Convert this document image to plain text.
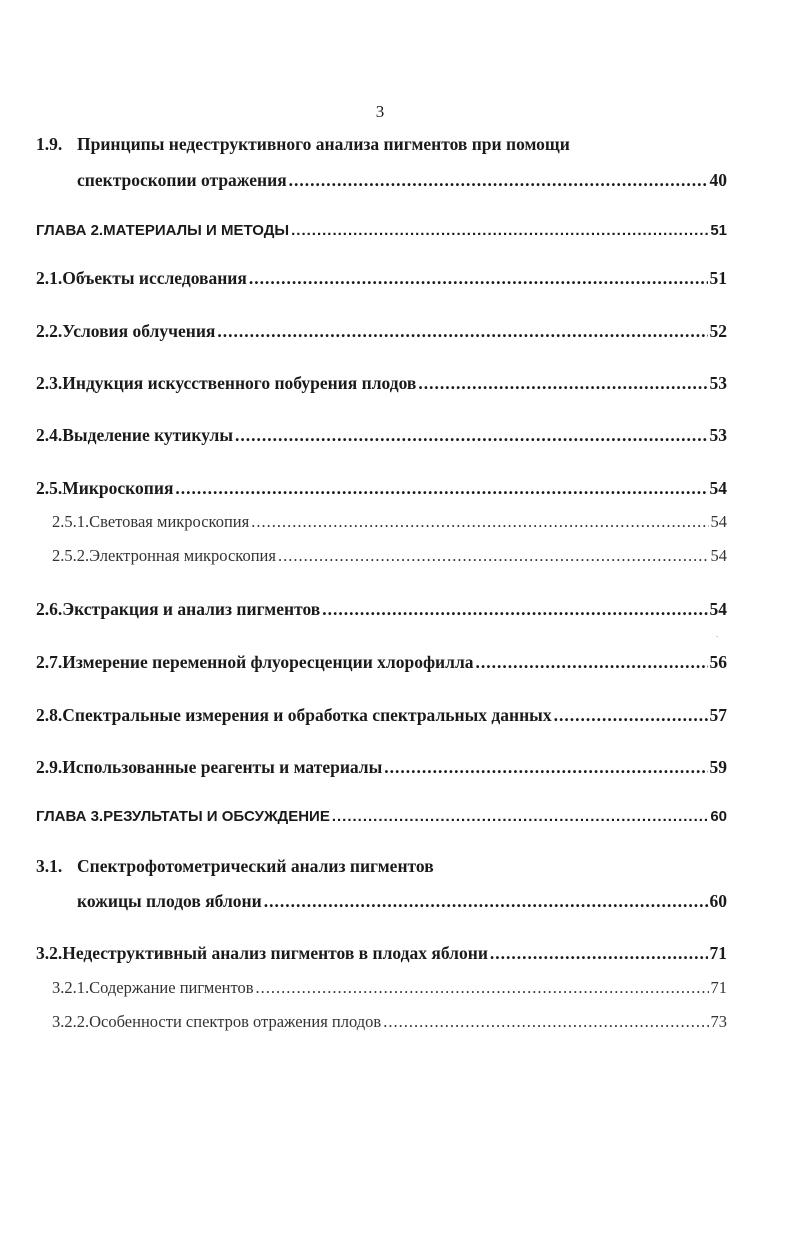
3
1.9. Принципы недеструктивного анализа пигментов при помощи
спектроскопии отражения .....	40
ГЛАВА 2. МАТЕРИАЛЫ И МЕТОДЫ .....	51
2.1. Объекты исследования .....	51
2.2. Условия облучения .....	52
2.3. Индукция искусственного побурения плодов .....	53
2.4. Выделение кутикулы .....	53
2.5. Микроскопия .....	54
2.5.1. Световая микроскопия .....	54
2.5.2. Электронная микроскопия .....	54
2.6. Экстракция и анализ пигментов .....	54
2.7. Измерение переменной флуоресценции хлорофилла .....	56
2.8. Спектральные измерения и обработка спектральных данных .....	57
2.9. Использованные реагенты и материалы .....	59
ГЛАВА 3. РЕЗУЛЬТАТЫ И ОБСУЖДЕНИЕ .....	60
3.1. Спектрофотометрический анализ пигментов
кожицы плодов яблони .....	60
3.2. Недеструктивный анализ пигментов в плодах яблони .....	71
3.2.1. Содержание пигментов .....	71
3.2.2. Особенности спектров отражения плодов .....	73
